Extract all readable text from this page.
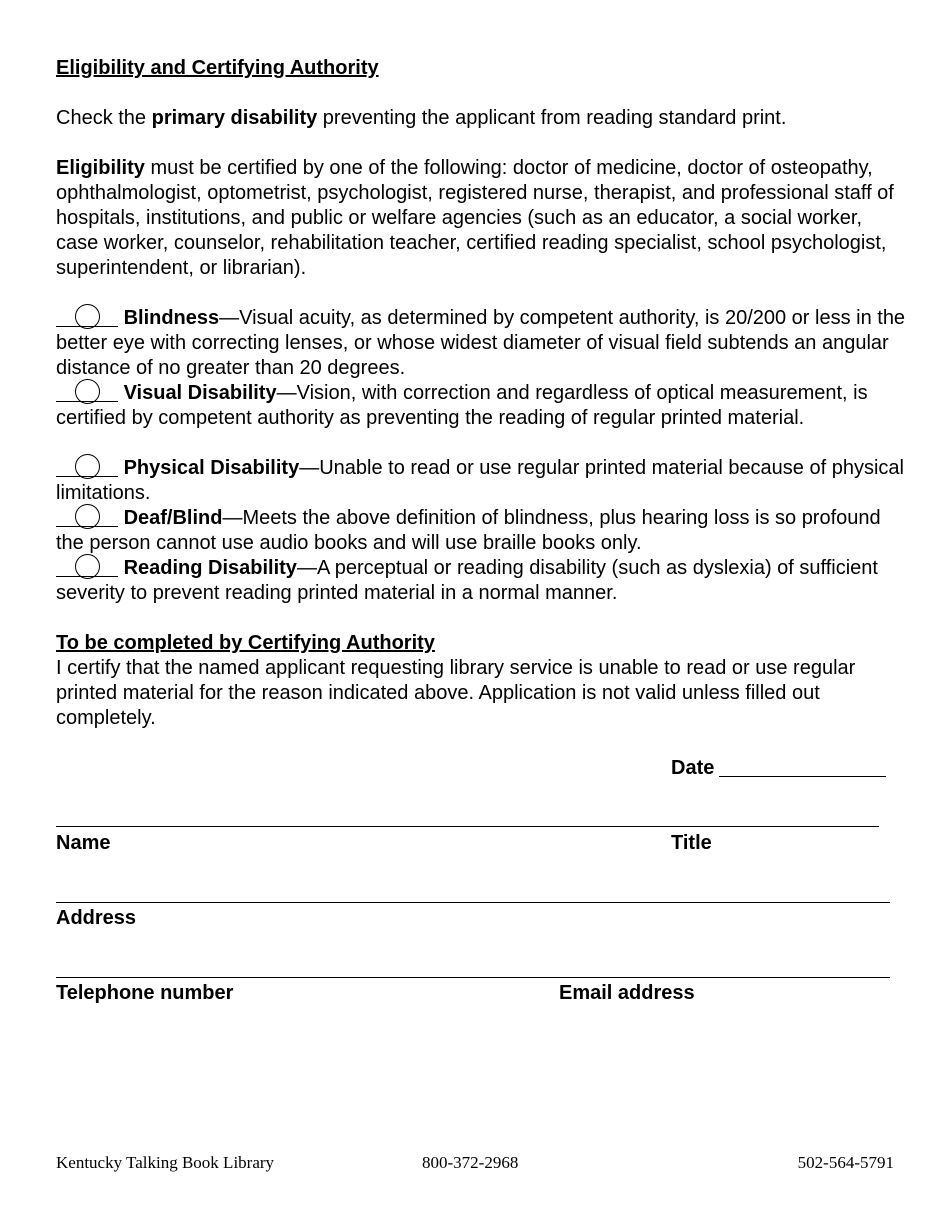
Eligibility and Certifying Authority
Check the primary disability preventing the applicant from reading standard print.
Eligibility must be certified by one of the following: doctor of medicine, doctor of osteopathy, ophthalmologist, optometrist, psychologist, registered nurse, therapist, and professional staff of hospitals, institutions, and public or welfare agencies (such as an educator, a social worker, case worker, counselor, rehabilitation teacher, certified reading specialist, school psychologist, superintendent, or librarian).
Blindness—Visual acuity, as determined by competent authority, is 20/200 or less in the better eye with correcting lenses, or whose widest diameter of visual field subtends an angular distance of no greater than 20 degrees.
Visual Disability—Vision, with correction and regardless of optical measurement, is certified by competent authority as preventing the reading of regular printed material.
Physical Disability—Unable to read or use regular printed material because of physical limitations.
Deaf/Blind—Meets the above definition of blindness, plus hearing loss is so profound the person cannot use audio books and will use braille books only.
Reading Disability—A perceptual or reading disability (such as dyslexia) of sufficient severity to prevent reading printed material in a normal manner.
To be completed by Certifying Authority
I certify that the named applicant requesting library service is unable to read or use regular printed material for the reason indicated above. Application is not valid unless filled out completely.
Date
Name	Title
Address
Telephone number	Email address
Kentucky Talking Book Library	800-372-2968	502-564-5791
